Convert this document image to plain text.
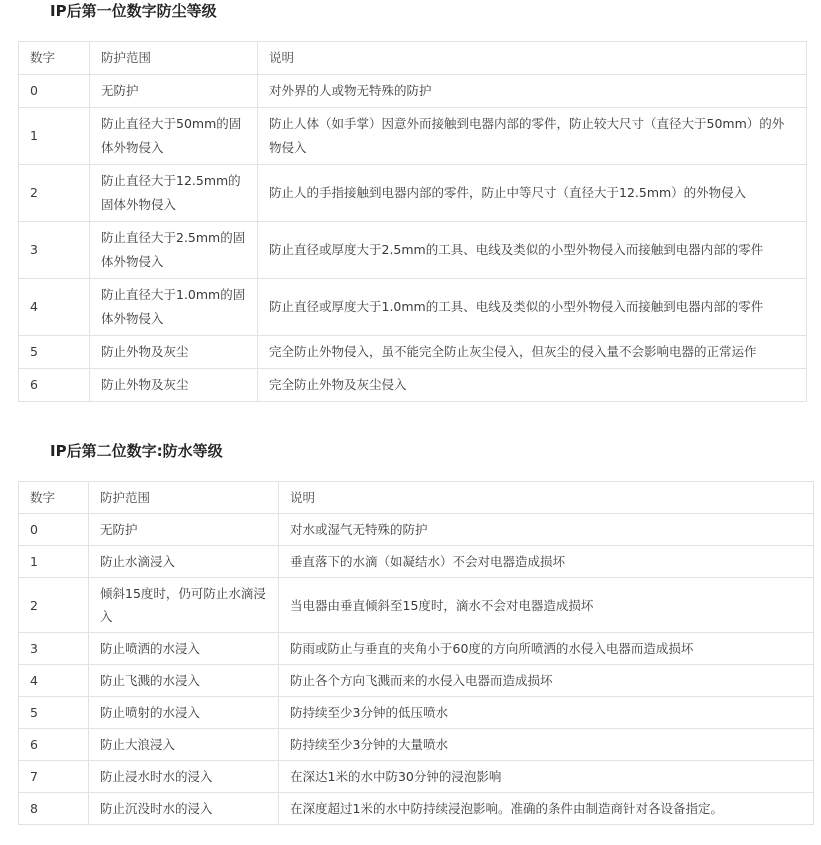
IP后第一位数字防尘等级
数字	防护范围	说明
0	无防护	对外界的人或物无特殊的防护
1	防止直径大于50mm的固体外物侵入	防止人体（如手掌）因意外而接触到电器内部的零件，防止较大尺寸（直径大于50mm）的外物侵入
2	防止直径大于12.5mm的固体外物侵入	防止人的手指接触到电器内部的零件，防止中等尺寸（直径大于12.5mm）的外物侵入
3	防止直径大于2.5mm的固体外物侵入	防止直径或厚度大于2.5mm的工具、电线及类似的小型外物侵入而接触到电器内部的零件
4	防止直径大于1.0mm的固体外物侵入	防止直径或厚度大于1.0mm的工具、电线及类似的小型外物侵入而接触到电器内部的零件
5	防止外物及灰尘	完全防止外物侵入，虽不能完全防止灰尘侵入，但灰尘的侵入量不会影响电器的正常运作
6	防止外物及灰尘	完全防止外物及灰尘侵入
IP后第二位数字:防水等级
数字	防护范围	说明
0	无防护	对水或湿气无特殊的防护
1	防止水滴浸入	垂直落下的水滴（如凝结水）不会对电器造成损坏
2	倾斜15度时，仍可防止水滴浸入	当电器由垂直倾斜至15度时，滴水不会对电器造成损坏
3	防止喷洒的水浸入	防雨或防止与垂直的夹角小于60度的方向所喷洒的水侵入电器而造成损坏
4	防止飞溅的水浸入	防止各个方向飞溅而来的水侵入电器而造成损坏
5	防止喷射的水浸入	防持续至少3分钟的低压喷水
6	防止大浪浸入	防持续至少3分钟的大量喷水
7	防止浸水时水的浸入	在深达1米的水中防30分钟的浸泡影响
8	防止沉没时水的浸入	在深度超过1米的水中防持续浸泡影响。准确的条件由制造商针对各设备指定。
